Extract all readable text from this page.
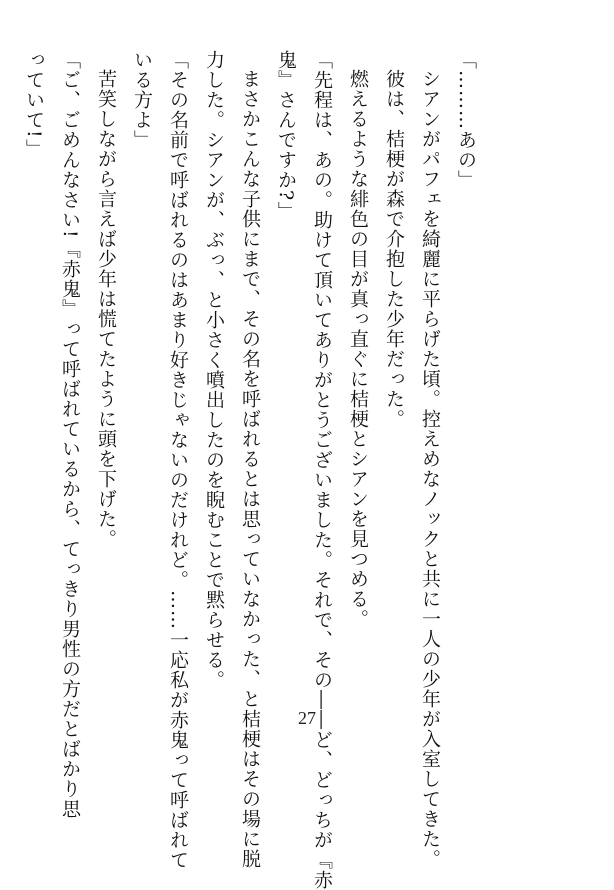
「………あの」
シアンがパフェを綺麗に平らげた頃。控えめなノックと共に一人の少年が入室してきた。
彼は、桔梗が森で介抱した少年だった。
燃えるような緋色の目が真っ直ぐに桔梗とシアンを見つめる。
「先程は、あの。助けて頂いてありがとうございました。それで、その――ど、どっちが『赤
鬼』さんですか?」
まさかこんな子供にまで、その名を呼ばれるとは思っていなかった、と桔梗はその場に脱
力した。シアンが、ぶっ、と小さく噴出したのを睨むことで黙らせる。
「その名前で呼ばれるのはあまり好きじゃないのだけれど。……一応私が赤鬼って呼ばれて
いる方よ」
苦笑しながら言えば少年は慌てたように頭を下げた。
「ご、ごめんなさい!『赤鬼』って呼ばれているから、てっきり男性の方だとばかり思
っていて!」
27
